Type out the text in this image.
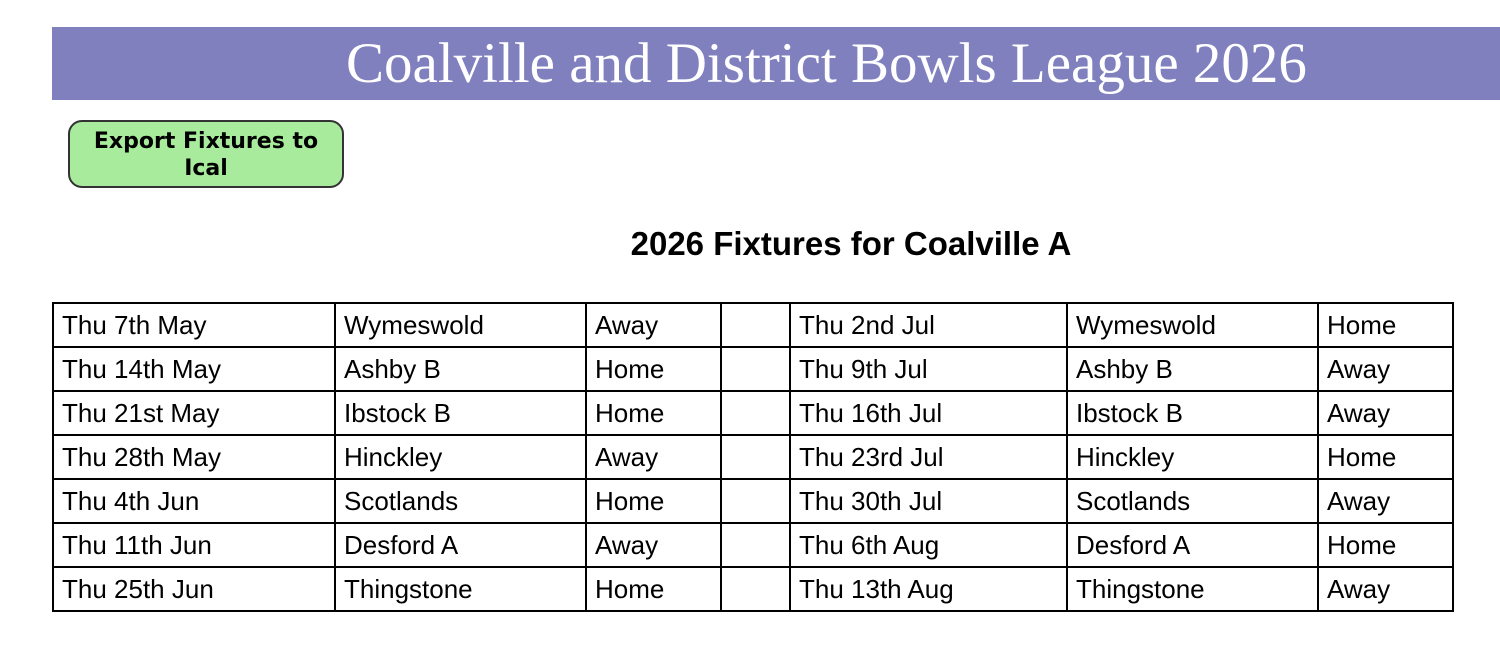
Coalville and District Bowls League 2026
Export Fixtures to Ical
2026 Fixtures for Coalville A
Thu 7th May	Wymeswold	Away		Thu 2nd Jul	Wymeswold	Home
Thu 14th May	Ashby B	Home		Thu 9th Jul	Ashby B	Away
Thu 21st May	Ibstock B	Home		Thu 16th Jul	Ibstock B	Away
Thu 28th May	Hinckley	Away		Thu 23rd Jul	Hinckley	Home
Thu 4th Jun	Scotlands	Home		Thu 30th Jul	Scotlands	Away
Thu 11th Jun	Desford A	Away		Thu 6th Aug	Desford A	Home
Thu 25th Jun	Thingstone	Home		Thu 13th Aug	Thingstone	Away
